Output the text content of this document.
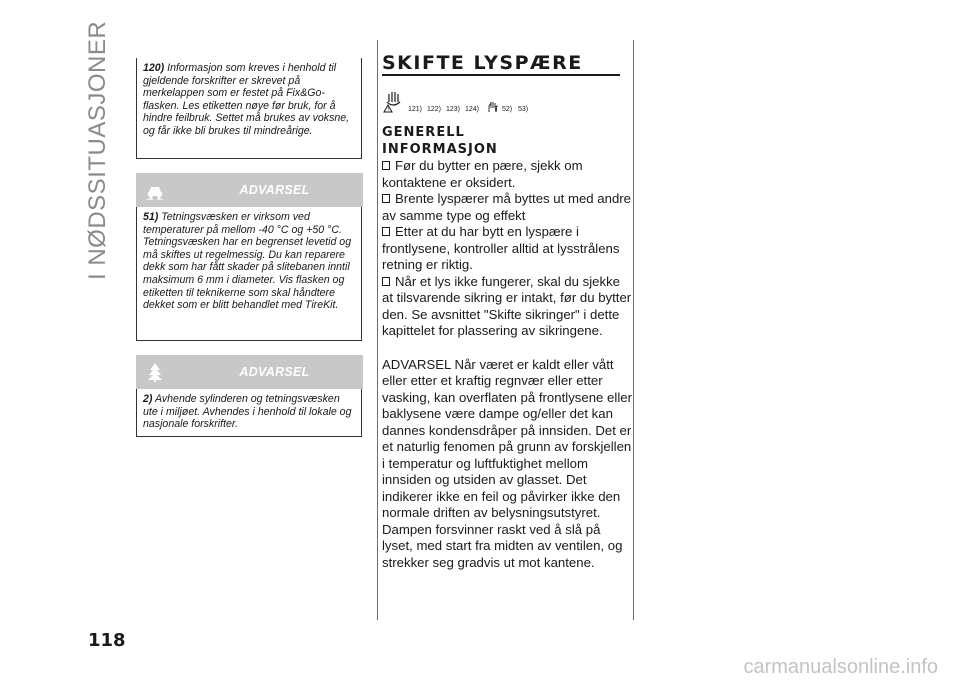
I NØDSSITUASJONER
118
120) Informasjon som kreves i henhold til gjeldende forskrifter er skrevet på merkelappen som er festet på Fix&Go-flasken. Les etiketten nøye før bruk, for å hindre feilbruk. Settet må brukes av voksne, og får ikke bli brukes til mindreårige.
ADVARSEL
51) Tetningsvæsken er virksom ved temperaturer på mellom -40 °C og +50 °C. Tetningsvæsken har en begrenset levetid og må skiftes ut regelmessig. Du kan reparere dekk som har fått skader på slitebanen inntil maksimum 6 mm i diameter. Vis flasken og etiketten til teknikerne som skal håndtere dekket som er blitt behandlet med TireKit.
ADVARSEL
2) Avhende sylinderen og tetningsvæsken ute i miljøet. Avhendes i henhold til lokale og nasjonale forskrifter.
SKIFTE LYSPÆRE
!	121) 122) 123) 124)	52) 53)
GENERELL
INFORMASJON

Før du bytter en pære, sjekk om kontaktene er oksidert.

Brente lyspærer må byttes ut med andre av samme type og effekt

Etter at du har bytt en lyspære i frontlysene, kontroller alltid at lysstrålens retning er riktig.

Når et lys ikke fungerer, skal du sjekke at tilsvarende sikring er intakt, før du bytter den. Se avsnittet "Skifte sikringer" i dette kapittelet for plassering av sikringene.

ADVARSEL Når været er kaldt eller vått eller etter et kraftig regnvær eller etter vasking, kan overflaten på frontlysene eller baklysene være dampe og/eller det kan dannes kondensdråper på innsiden. Det er et naturlig fenomen på grunn av forskjellen i temperatur og luftfuktighet mellom innsiden og utsiden av glasset. Det indikerer ikke en feil og påvirker ikke den normale driften av belysningsutstyret. Dampen forsvinner raskt ved å slå på lyset, med start fra midten av ventilen, og strekker seg gradvis ut mot kantene.

carmanualsonline.info
